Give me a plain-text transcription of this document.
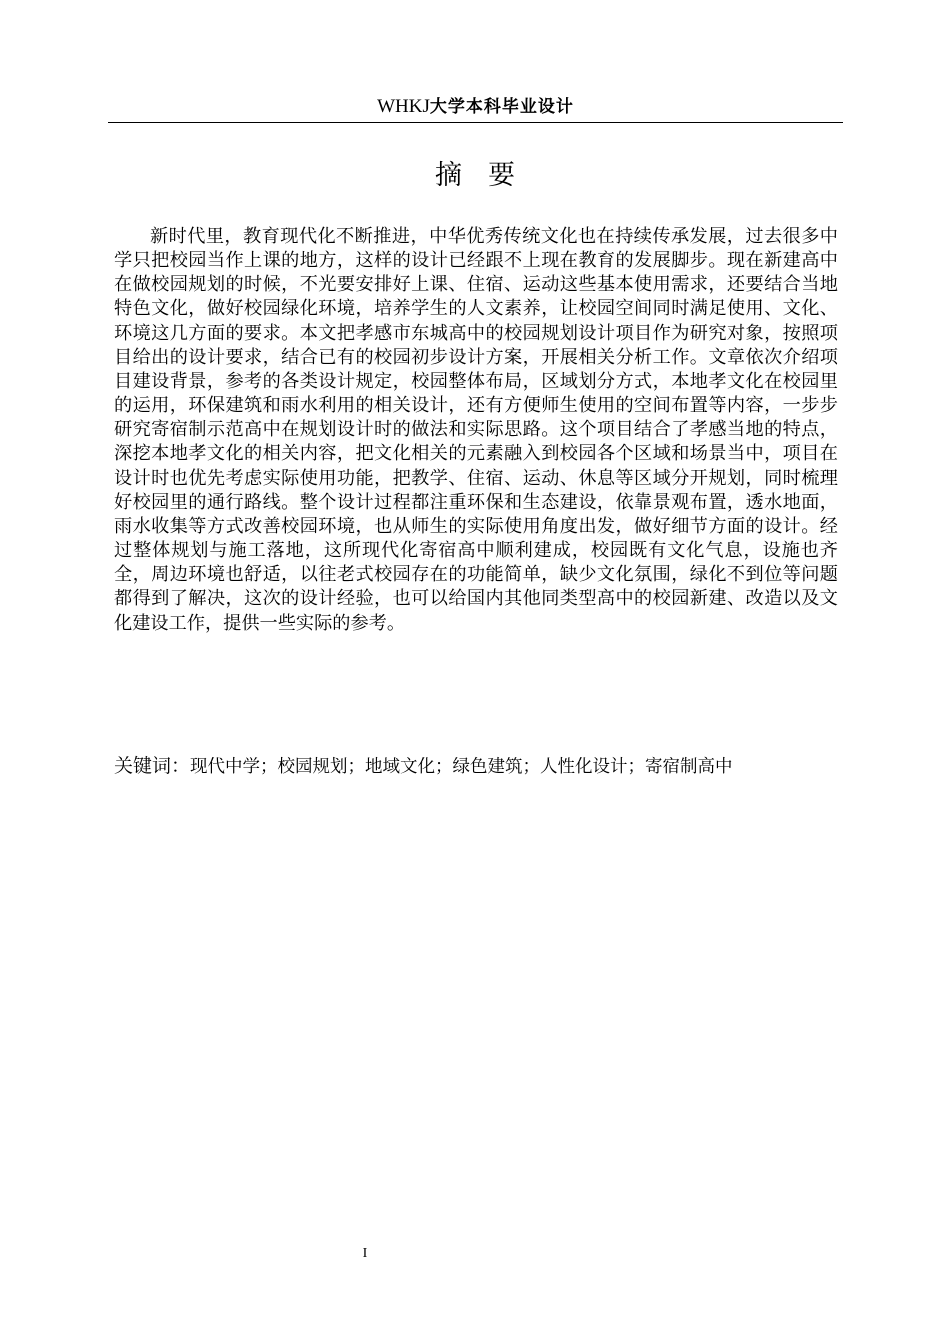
WHKJ大学本科毕业设计
摘 要
新时代里，教育现代化不断推进，中华优秀传统文化也在持续传承发展，过去很多中学只把校园当作上课的地方，这样的设计已经跟不上现在教育的发展脚步。现在新建高中在做校园规划的时候，不光要安排好上课、住宿、运动这些基本使用需求，还要结合当地特色文化，做好校园绿化环境，培养学生的人文素养，让校园空间同时满足使用、文化、环境这几方面的要求。本文把孝感市东城高中的校园规划设计项目作为研究对象，按照项目给出的设计要求，结合已有的校园初步设计方案，开展相关分析工作。文章依次介绍项目建设背景，参考的各类设计规定，校园整体布局，区域划分方式，本地孝文化在校园里的运用，环保建筑和雨水利用的相关设计，还有方便师生使用的空间布置等内容，一步步研究寄宿制示范高中在规划设计时的做法和实际思路。这个项目结合了孝感当地的特点，深挖本地孝文化的相关内容，把文化相关的元素融入到校园各个区域和场景当中，项目在设计时也优先考虑实际使用功能，把教学、住宿、运动、休息等区域分开规划，同时梳理好校园里的通行路线。整个设计过程都注重环保和生态建设，依靠景观布置，透水地面，雨水收集等方式改善校园环境，也从师生的实际使用角度出发，做好细节方面的设计。经过整体规划与施工落地，这所现代化寄宿高中顺利建成，校园既有文化气息，设施也齐全，周边环境也舒适，以往老式校园存在的功能简单，缺少文化氛围，绿化不到位等问题都得到了解决，这次的设计经验，也可以给国内其他同类型高中的校园新建、改造以及文化建设工作，提供一些实际的参考。
关键词：现代中学；校园规划；地域文化；绿色建筑；人性化设计；寄宿制高中
I
